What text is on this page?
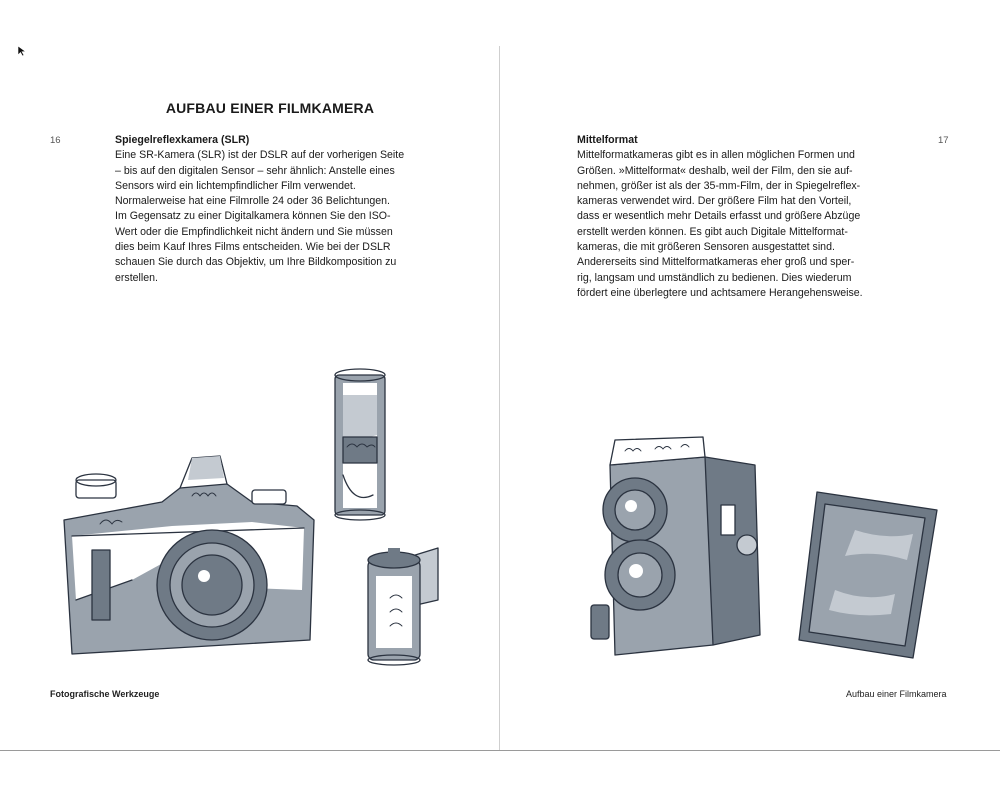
AUFBAU EINER FILMKAMERA
16	Spiegelreflexkamera (SLR)
Eine SR-Kamera (SLR) ist der DSLR auf der vorherigen Seite
– bis auf den digitalen Sensor – sehr ähnlich: Anstelle eines
Sensors wird ein lichtempfindlicher Film verwendet.
Normalerweise hat eine Filmrolle 24 oder 36 Belichtungen.
Im Gegensatz zu einer Digitalkamera können Sie den ISO-
Wert oder die Empfindlichkeit nicht ändern und Sie müssen
dies beim Kauf Ihres Films entscheiden. Wie bei der DSLR
schauen Sie durch das Objektiv, um Ihre Bildkomposition zu
erstellen.
Fotografische Werkzeuge
17
Mittelformat
Mittelformatkameras gibt es in allen möglichen Formen und
Größen. »Mittelformat« deshalb, weil der Film, den sie auf-
nehmen, größer ist als der 35-mm-Film, der in Spiegelreflex-
kameras verwendet wird. Der größere Film hat den Vorteil,
dass er wesentlich mehr Details erfasst und größere Abzüge
erstellt werden können. Es gibt auch Digitale Mittelformat-
kameras, die mit größeren Sensoren ausgestattet sind.
Andererseits sind Mittelformatkameras eher groß und sper-
rig, langsam und umständlich zu bedienen. Dies wiederum
fördert eine überlegtere und achtsamere Herangehensweise.
Aufbau einer Filmkamera
